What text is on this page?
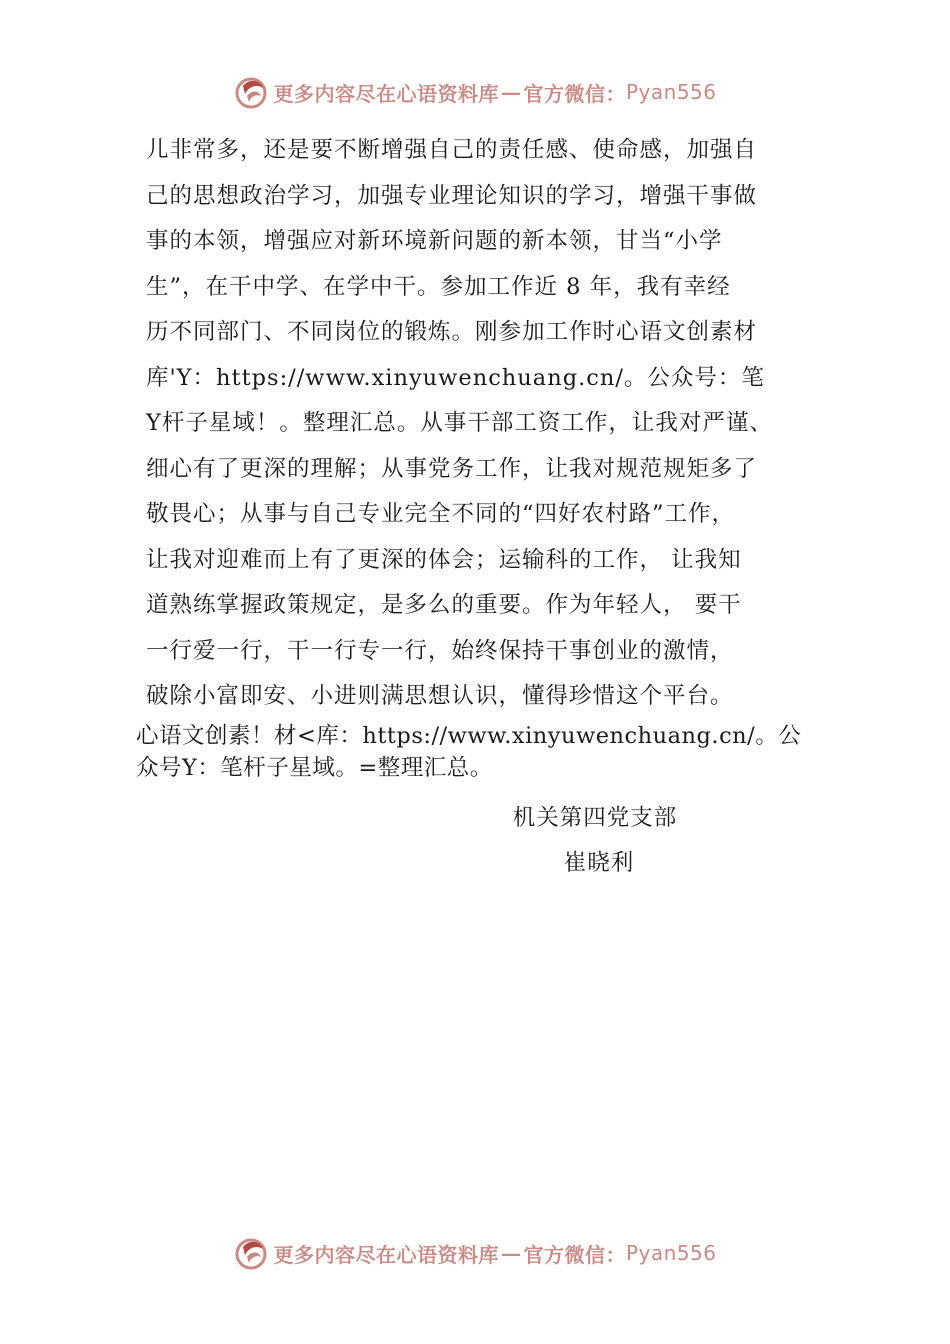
更多内容尽在心语资料库 — 官方微信： Pyan556
儿非常多，还是要不断增强自己的责任感、使命感，加强自
己的思想政治学习，加强专业理论知识的学习，增强干事做
事的本领，增强应对新环境新问题的新本领，甘当“小学
生”，在干中学、在学中干。参加工作近 8 年，我有幸经
历不同部门、不同岗位的锻炼。刚参加工作时心语文创素材
库'Y：https://www.xinyuwenchuang.cn/。公众号：笔
Y杆子星域！。整理汇总。从事干部工资工作，让我对严谨、
细心有了更深的理解；从事党务工作，让我对规范规矩多了
敬畏心；从事与自己专业完全不同的“四好农村路”工作，
让我对迎难而上有了更深的体会；运输科的工作， 让我知
道熟练掌握政策规定，是多么的重要。作为年轻人， 要干
一行爱一行，干一行专一行，始终保持干事创业的激情，
破除小富即安、小进则满思想认识，懂得珍惜这个平台。
心语文创素！材<库：https://www.xinyuwenchuang.cn/。公
众号Y：笔杆子星域。=整理汇总。
机关第四党支部
崔晓利
更多内容尽在心语资料库 — 官方微信： Pyan556
